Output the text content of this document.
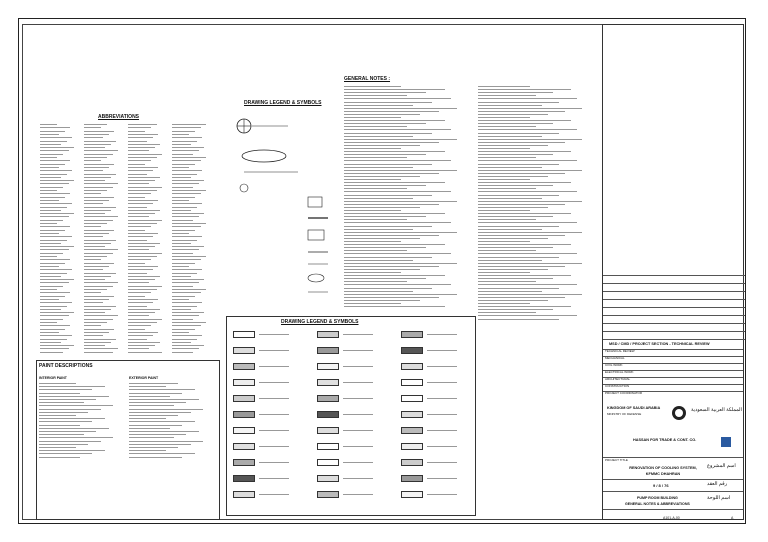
ABBREVIATIONS
PAINT DESCRIPTIONS
INTERIOR PAINT	EXTERIOR PAINT
DRAWING LEGEND & SYMBOLS
DRAWING LEGEND & SYMBOLS
GENERAL NOTES :
MSD / CMD / PROJECT SECTION - TECHNICAL REVIEW
TECHNICAL REVIEW
MECHANICAL
CIVIL WORK
ELECTRICAL WORK
ARCHITECTURAL
CONSTRUCTION
PROJECT COORDINATOR
KINGDOM OF SAUDI ARABIA
MINISTRY OF DEFENSE
المملكة العربية السعودية
HASSAN FOR TRADE & CONT. CO.
PROJECT TITLE
RENOVATION OF COOLING SYSTEM, KFMMC DHAHRAN
اسم المشروع
9 / 8 / 76	رقم العقد
PUMP ROOM BUILDING
GENERAL NOTES & ABBREVIATIONS
اسم اللوحة
A101-A-00	A
